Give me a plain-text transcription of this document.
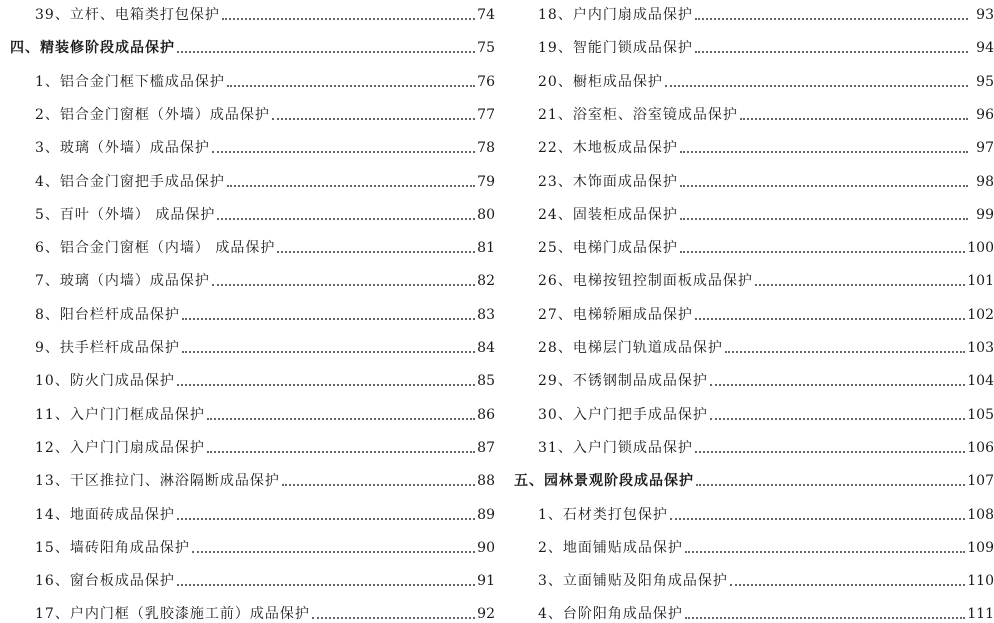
39、立杆、电箱类打包保护	74
四、精装修阶段成品保护	75
1、铝合金门框下槛成品保护	76
2、铝合金门窗框（外墙）成品保护	77
3、玻璃（外墙）成品保护	78
4、铝合金门窗把手成品保护	79
5、百叶（外墙） 成品保护	80
6、铝合金门窗框（内墙） 成品保护	81
7、玻璃（内墙）成品保护	82
8、阳台栏杆成品保护	83
9、扶手栏杆成品保护	84
10、防火门成品保护	85
11、入户门门框成品保护	86
12、入户门门扇成品保护	87
13、干区推拉门、淋浴隔断成品保护	88
14、地面砖成品保护	89
15、墙砖阳角成品保护	90
16、窗台板成品保护	91
17、户内门框（乳胶漆施工前）成品保护	92
18、户内门扇成品保护	93
19、智能门锁成品保护	94
20、橱柜成品保护	95
21、浴室柜、浴室镜成品保护	96
22、木地板成品保护	97
23、木饰面成品保护	98
24、固装柜成品保护	99
25、电梯门成品保护	100
26、电梯按钮控制面板成品保护	101
27、电梯轿厢成品保护	102
28、电梯层门轨道成品保护	103
29、不锈钢制品成品保护	104
30、入户门把手成品保护	105
31、入户门锁成品保护	106
五、园林景观阶段成品保护	107
1、石材类打包保护	108
2、地面铺贴成品保护	109
3、立面铺贴及阳角成品保护	110
4、台阶阳角成品保护	111
